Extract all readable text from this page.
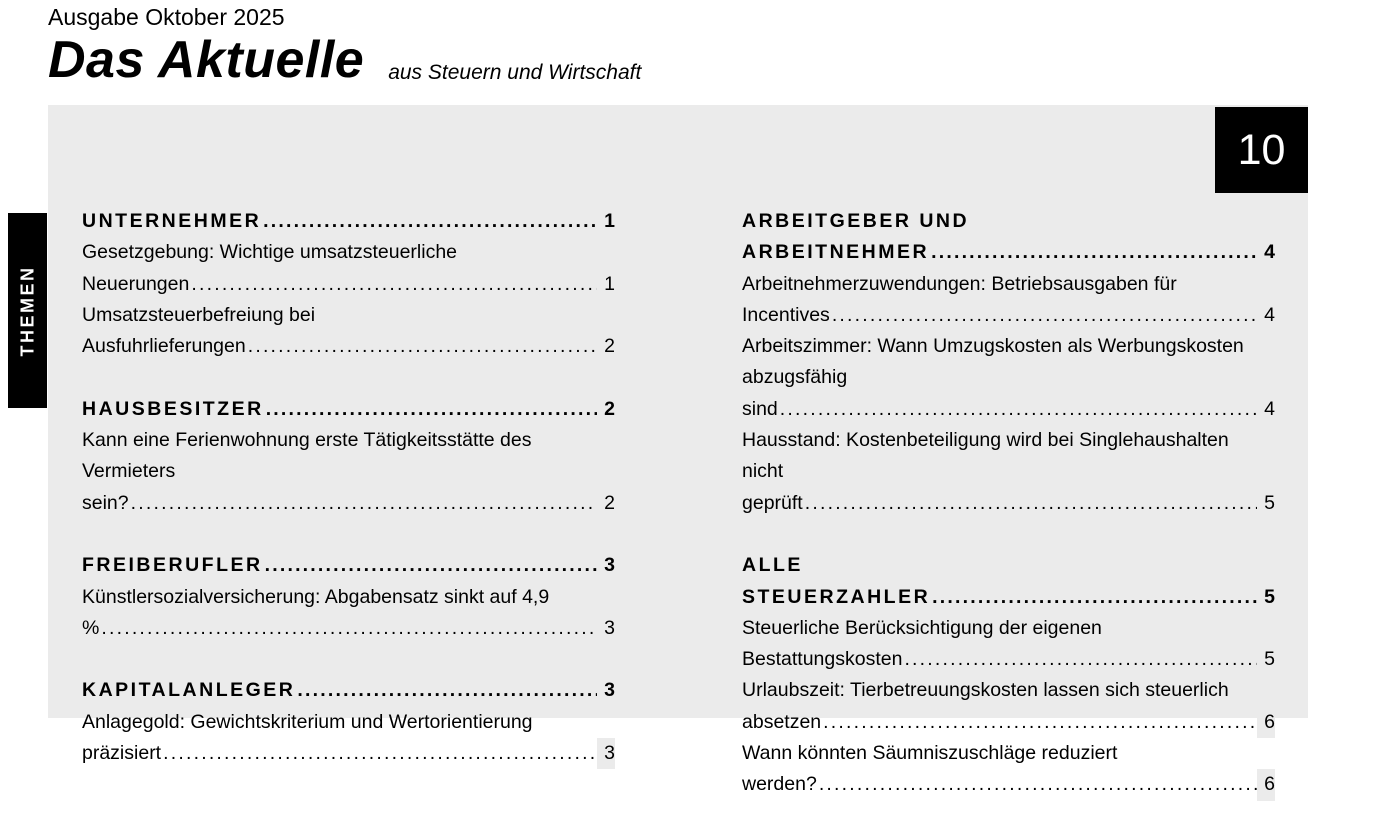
Ausgabe Oktober 2025
Das Aktuelle aus Steuern und Wirtschaft
10
UNTERNEHMER .....	1
Gesetzgebung: Wichtige umsatzsteuerliche Neuerungen .....	1
Umsatzsteuerbefreiung bei Ausfuhrlieferungen .....	2
HAUSBESITZER .....	2
Kann eine Ferienwohnung erste Tätigkeitsstätte des Vermieters sein? .....	2
FREIBERUFLER .....	3
Künstlersozialversicherung: Abgabensatz sinkt auf 4,9 % .....	3
KAPITALANLEGER .....	3
Anlagegold: Gewichtskriterium und Wertorientierung präzisiert .....	3
ARBEITGEBER UND ARBEITNEHMER .....	4
Arbeitnehmerzuwendungen: Betriebsausgaben für Incentives .....	4
Arbeitszimmer: Wann Umzugskosten als Werbungskosten abzugsfähig sind .....	4
Hausstand: Kostenbeteiligung wird bei Singlehaushalten nicht geprüft .....	5
ALLE STEUERZAHLER .....	5
Steuerliche Berücksichtigung der eigenen Bestattungskosten .....	5
Urlaubszeit: Tierbetreuungskosten lassen sich steuerlich absetzen .....	6
Wann könnten Säumniszuschläge reduziert werden? .....	6
THEMEN
